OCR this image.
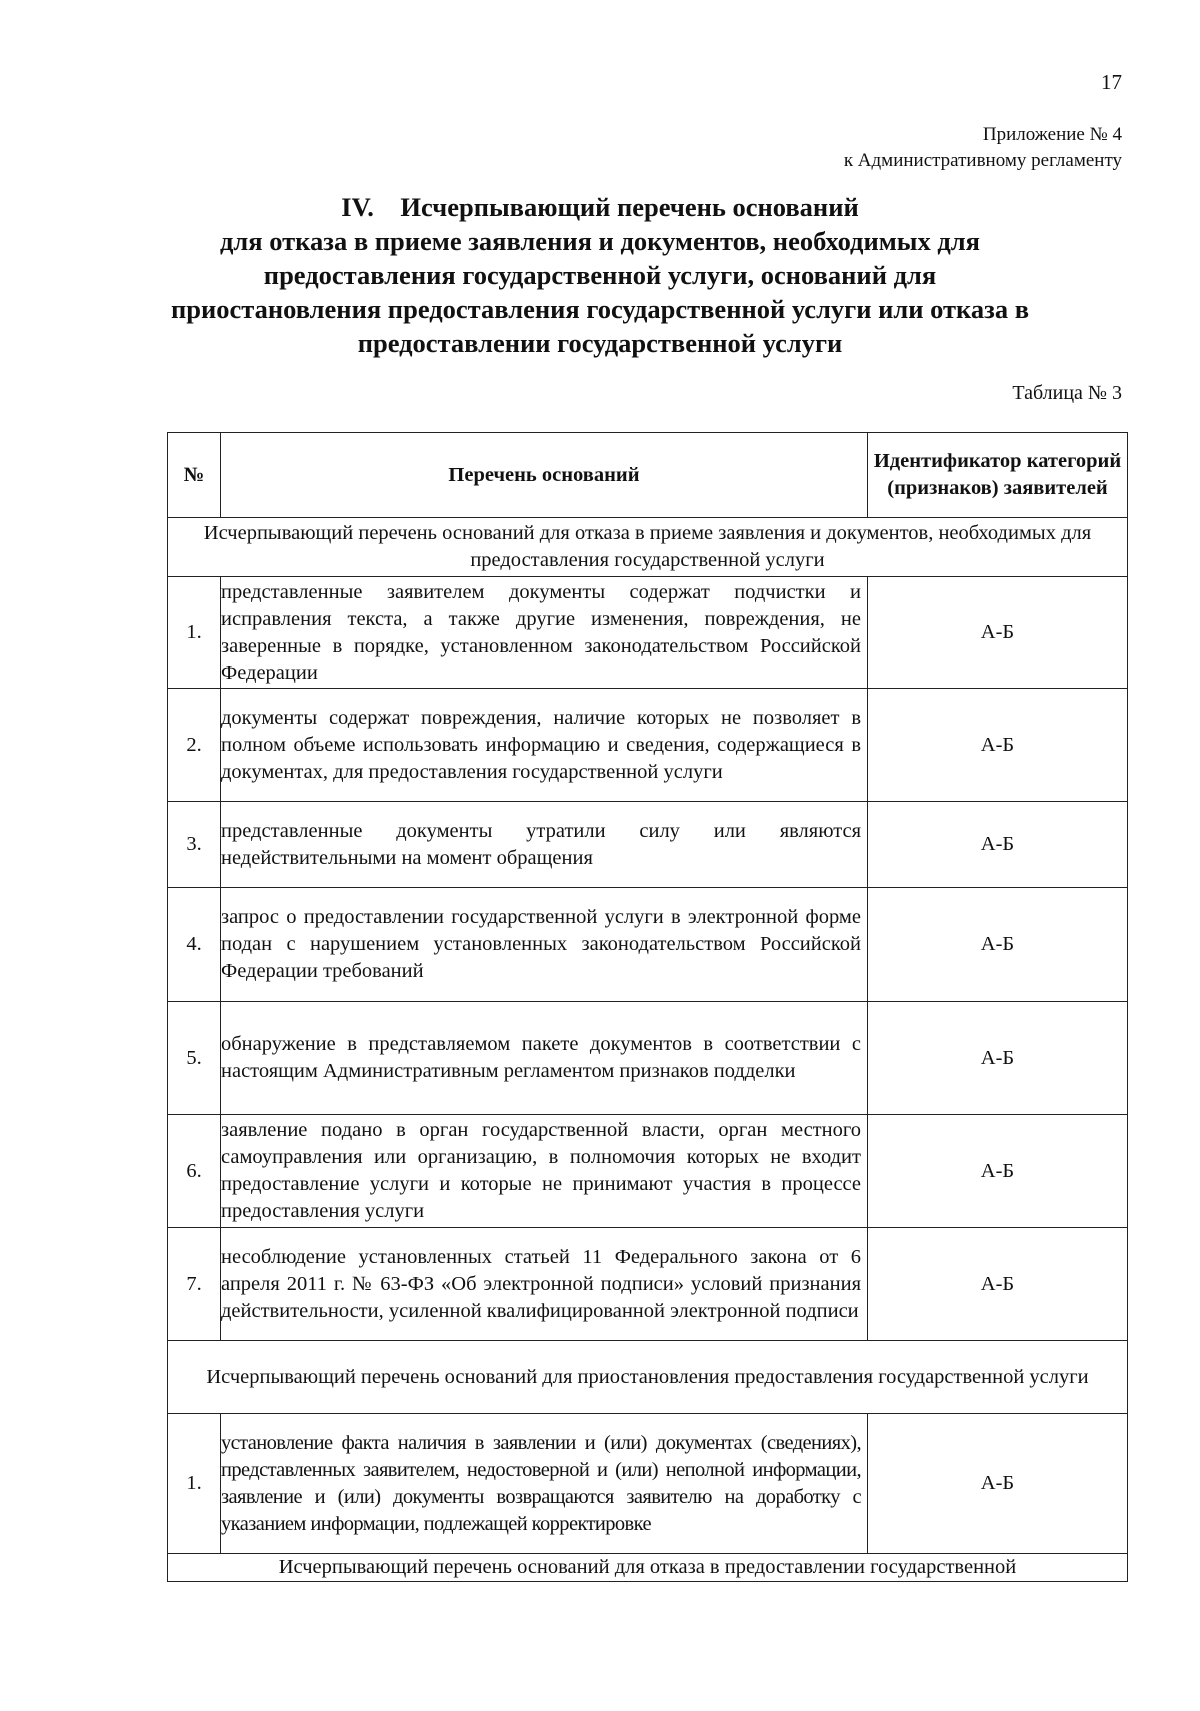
17
Приложение № 4
к Административному регламенту
IV.    Исчерпывающий перечень оснований
для отказа в приеме заявления и документов, необходимых для
предоставления государственной услуги, оснований для
приостановления предоставления государственной услуги или отказа в
предоставлении государственной услуги
Таблица № 3
№	Перечень оснований	Идентификатор категорий (признаков) заявителей
Исчерпывающий перечень оснований для отказа в приеме заявления и документов, необходимых для предоставления государственной услуги		
1.	представленные заявителем документы содержат подчистки и исправления текста, а также другие изменения, повреждения, не заверенные в порядке, установленном законодательством Российской Федерации	А-Б
2.	документы содержат повреждения, наличие которых не позволяет в полном объеме использовать информацию и сведения, содержащиеся в документах, для предоставления государственной услуги	А-Б
3.	представленные документы утратили силу или являются недействительными на момент обращения	А-Б
4.	запрос о предоставлении государственной услуги в электронной форме подан с нарушением установленных законодательством Российской Федерации требований	А-Б
5.	обнаружение в представляемом пакете документов в соответствии с настоящим Административным регламентом признаков подделки	А-Б
6.	заявление подано в орган государственной власти, орган местного самоуправления или организацию, в полномочия которых не входит предоставление услуги и которые не принимают участия в процессе предоставления услуги	А-Б
7.	несоблюдение установленных статьей 11 Федерального закона от 6 апреля 2011 г. № 63-ФЗ «Об электронной подписи» условий признания действительности, усиленной квалифицированной электронной подписи	А-Б
Исчерпывающий перечень оснований для приостановления предоставления государственной услуги		
1.	установление факта наличия в заявлении и (или) документах (сведениях), представленных заявителем, недостоверной и (или) неполной информации, заявление и (или) документы возвращаются заявителю на доработку с указанием информации, подлежащей корректировке	А-Б
Исчерпывающий перечень оснований для отказа в предоставлении государственной		
